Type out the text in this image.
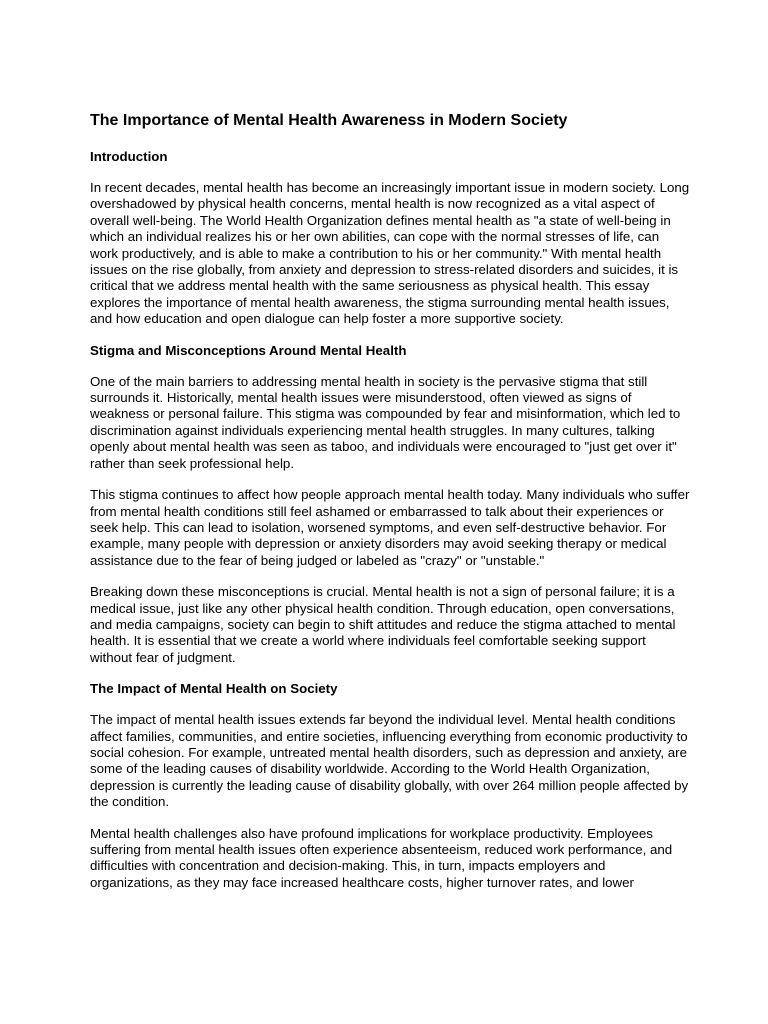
The Importance of Mental Health Awareness in Modern Society
Introduction
In recent decades, mental health has become an increasingly important issue in modern society. Long overshadowed by physical health concerns, mental health is now recognized as a vital aspect of overall well-being. The World Health Organization defines mental health as "a state of well-being in which an individual realizes his or her own abilities, can cope with the normal stresses of life, can work productively, and is able to make a contribution to his or her community." With mental health issues on the rise globally, from anxiety and depression to stress-related disorders and suicides, it is critical that we address mental health with the same seriousness as physical health. This essay explores the importance of mental health awareness, the stigma surrounding mental health issues, and how education and open dialogue can help foster a more supportive society.
Stigma and Misconceptions Around Mental Health
One of the main barriers to addressing mental health in society is the pervasive stigma that still surrounds it. Historically, mental health issues were misunderstood, often viewed as signs of weakness or personal failure. This stigma was compounded by fear and misinformation, which led to discrimination against individuals experiencing mental health struggles. In many cultures, talking openly about mental health was seen as taboo, and individuals were encouraged to "just get over it" rather than seek professional help.
This stigma continues to affect how people approach mental health today. Many individuals who suffer from mental health conditions still feel ashamed or embarrassed to talk about their experiences or seek help. This can lead to isolation, worsened symptoms, and even self-destructive behavior. For example, many people with depression or anxiety disorders may avoid seeking therapy or medical assistance due to the fear of being judged or labeled as "crazy" or "unstable."
Breaking down these misconceptions is crucial. Mental health is not a sign of personal failure; it is a medical issue, just like any other physical health condition. Through education, open conversations, and media campaigns, society can begin to shift attitudes and reduce the stigma attached to mental health. It is essential that we create a world where individuals feel comfortable seeking support without fear of judgment.
The Impact of Mental Health on Society
The impact of mental health issues extends far beyond the individual level. Mental health conditions affect families, communities, and entire societies, influencing everything from economic productivity to social cohesion. For example, untreated mental health disorders, such as depression and anxiety, are some of the leading causes of disability worldwide. According to the World Health Organization, depression is currently the leading cause of disability globally, with over 264 million people affected by the condition.
Mental health challenges also have profound implications for workplace productivity. Employees suffering from mental health issues often experience absenteeism, reduced work performance, and difficulties with concentration and decision-making. This, in turn, impacts employers and organizations, as they may face increased healthcare costs, higher turnover rates, and lower
